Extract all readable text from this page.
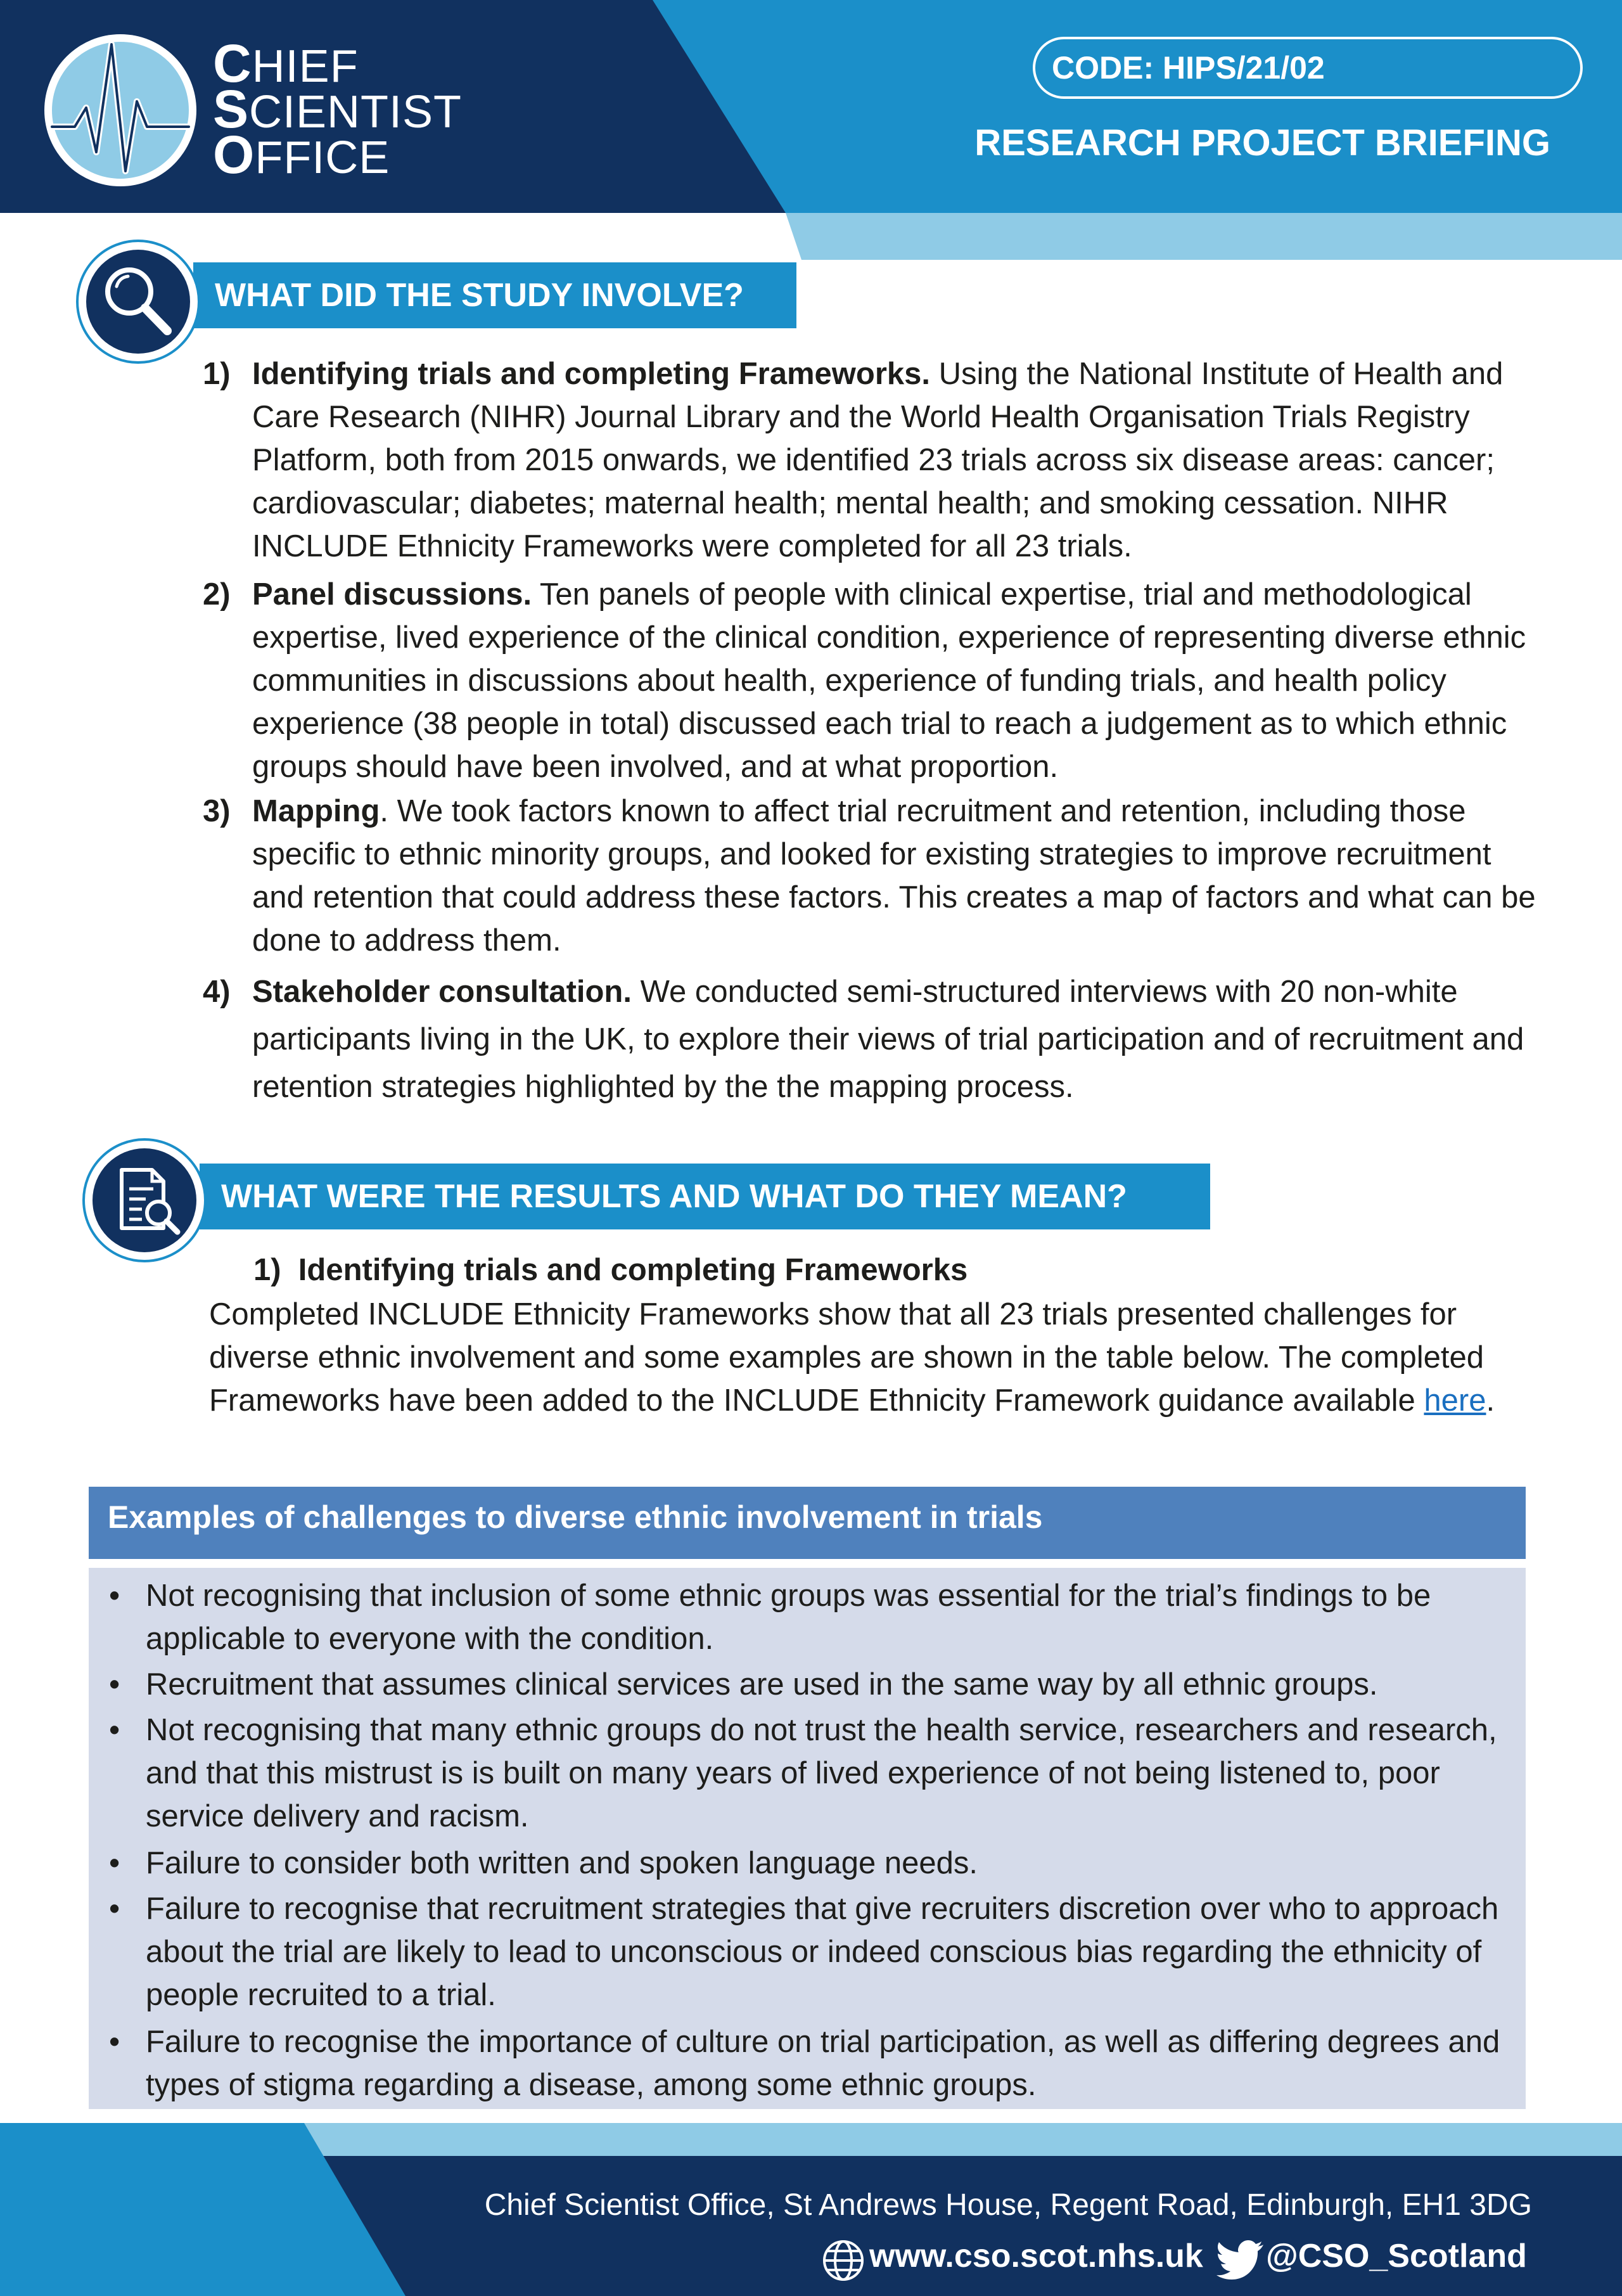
CHIEF
SCIENTIST
OFFICE
CODE: HIPS/21/02
RESEARCH PROJECT BRIEFING
WHAT DID THE STUDY INVOLVE?
1) Identifying trials and completing Frameworks. Using the National Institute of Health and Care Research (NIHR) Journal Library and the World Health Organisation Trials Registry Platform, both from 2015 onwards, we identified 23 trials across six disease areas: cancer; cardiovascular; diabetes; maternal health; mental health; and smoking cessation. NIHR INCLUDE Ethnicity Frameworks were completed for all 23 trials.
2) Panel discussions. Ten panels of people with clinical expertise, trial and methodological expertise, lived experience of the clinical condition, experience of representing diverse ethnic communities in discussions about health, experience of funding trials, and health policy experience (38 people in total) discussed each trial to reach a judgement as to which ethnic groups should have been involved, and at what proportion.
3) Mapping. We took factors known to affect trial recruitment and retention, including those specific to ethnic minority groups, and looked for existing strategies to improve recruitment and retention that could address these factors. This creates a map of factors and what can be done to address them.
4) Stakeholder consultation. We conducted semi-structured interviews with 20 non-white participants living in the UK, to explore their views of trial participation and of recruitment and retention strategies highlighted by the the mapping process.
WHAT WERE THE RESULTS AND WHAT DO THEY MEAN?
1)  Identifying trials and completing Frameworks
Completed INCLUDE Ethnicity Frameworks show that all 23 trials presented challenges for diverse ethnic involvement and some examples are shown in the table below. The completed Frameworks have been added to the INCLUDE Ethnicity Framework guidance available here.
Examples of challenges to diverse ethnic involvement in trials
• Not recognising that inclusion of some ethnic groups was essential for the trial’s findings to be applicable to everyone with the condition.
• Recruitment that assumes clinical services are used in the same way by all ethnic groups.
• Not recognising that many ethnic groups do not trust the health service, researchers and research, and that this mistrust is is built on many years of lived experience of not being listened to, poor service delivery and racism.
• Failure to consider both written and spoken language needs.
• Failure to recognise that recruitment strategies that give recruiters discretion over who to approach about the trial are likely to lead to unconscious or indeed conscious bias regarding the ethnicity of people recruited to a trial.
• Failure to recognise the importance of culture on trial participation, as well as differing degrees and types of stigma regarding a disease, among some ethnic groups.
Chief Scientist Office, St Andrews House, Regent Road, Edinburgh, EH1 3DG
www.cso.scot.nhs.uk @CSO_Scotland
